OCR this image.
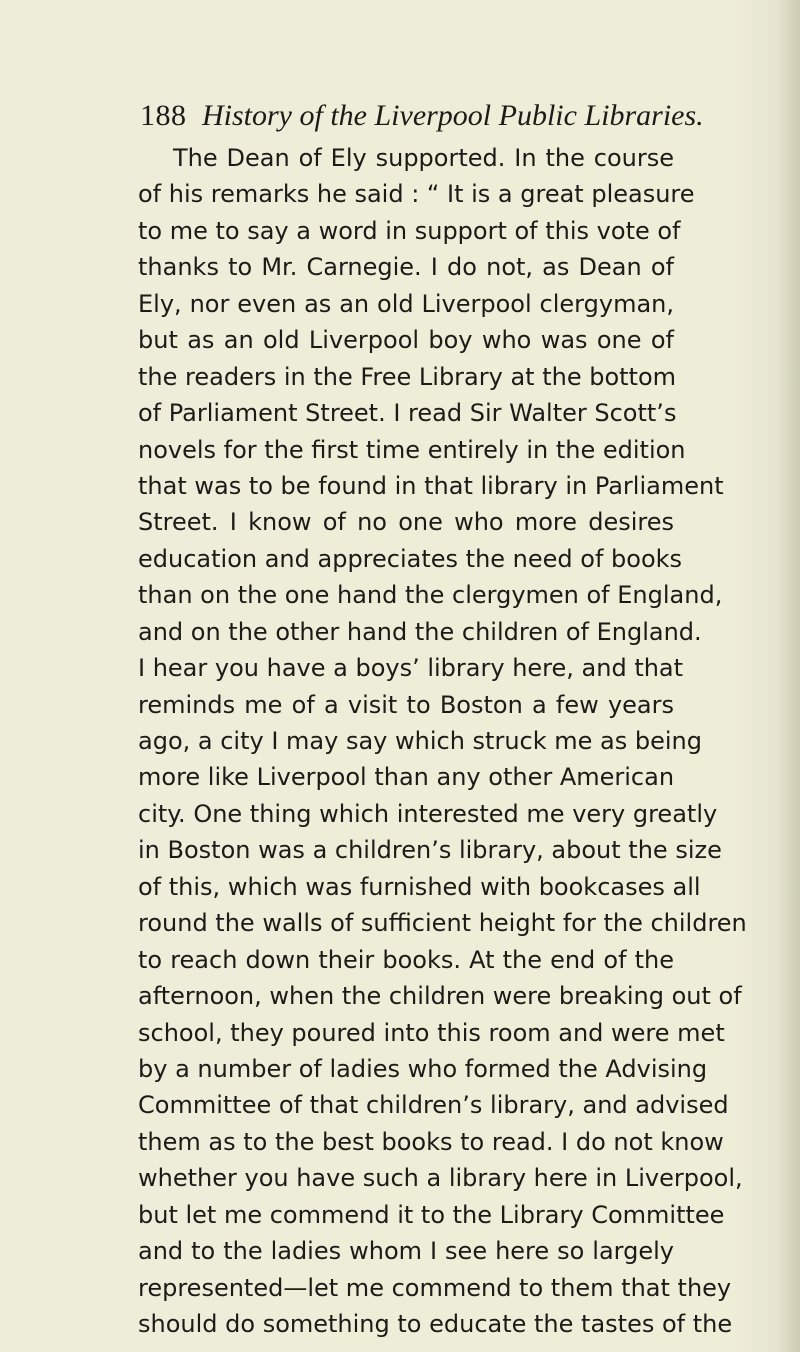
188 History of the Liverpool Public Libraries.
The Dean of Ely supported. In the course
of his remarks he said : “ It is a great pleasure
to me to say a word in support of this vote of
thanks to Mr. Carnegie. I do not, as Dean of
Ely, nor even as an old Liverpool clergyman,
but as an old Liverpool boy who was one of
the readers in the Free Library at the bottom
of Parliament Street. I read Sir Walter Scott’s
novels for the first time entirely in the edition
that was to be found in that library in Parliament
Street. I know of no one who more desires
education and appreciates the need of books
than on the one hand the clergymen of England,
and on the other hand the children of England.
I hear you have a boys’ library here, and that
reminds me of a visit to Boston a few years
ago, a city I may say which struck me as being
more like Liverpool than any other American
city. One thing which interested me very greatly
in Boston was a children’s library, about the size
of this, which was furnished with bookcases all
round the walls of sufficient height for the children
to reach down their books. At the end of the
afternoon, when the children were breaking out of
school, they poured into this room and were met
by a number of ladies who formed the Advising
Committee of that children’s library, and advised
them as to the best books to read. I do not know
whether you have such a library here in Liverpool,
but let me commend it to the Library Committee
and to the ladies whom I see here so largely
represented—let me commend to them that they
should do something to educate the tastes of the
